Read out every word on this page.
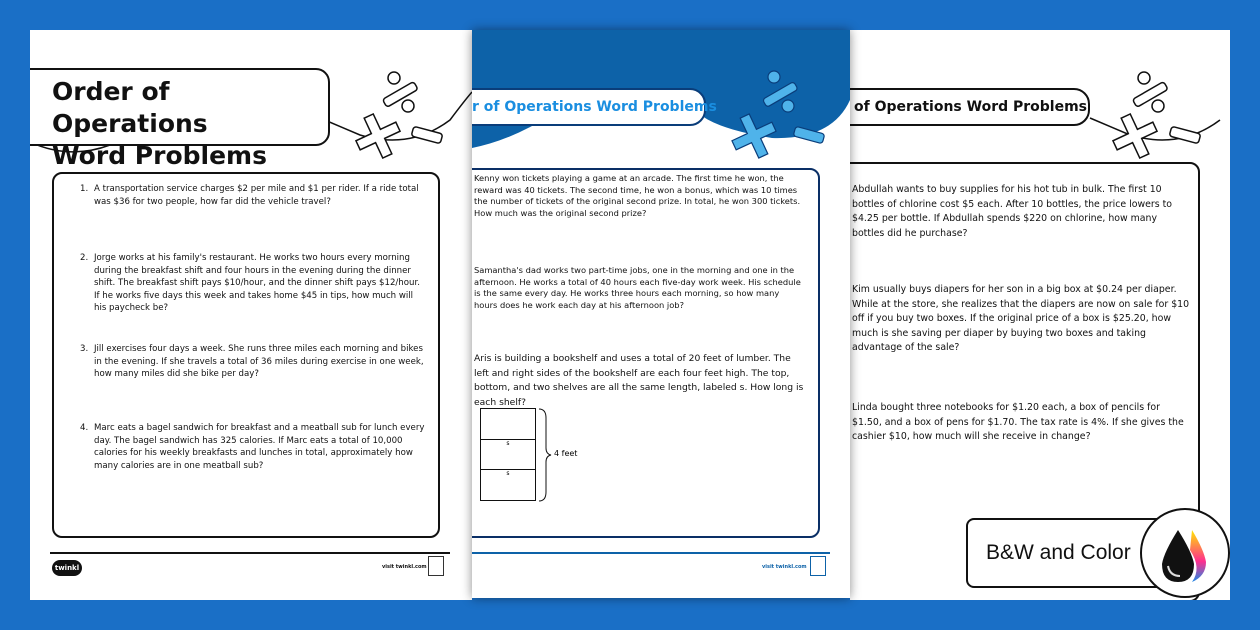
Order of Operations
Word Problems
1. A transportation service charges $2 per mile and $1 per rider. If a ride total was $36 for two people, how far did the vehicle travel?
2. Jorge works at his family's restaurant. He works two hours every morning during the breakfast shift and four hours in the evening during the dinner shift. The breakfast shift pays $10/hour, and the dinner shift pays $12/hour. If he works five days this week and takes home $45 in tips, how much will his paycheck be?
3. Jill exercises four days a week. She runs three miles each morning and bikes in the evening. If she travels a total of 36 miles during exercise in one week, how many miles did she bike per day?
4. Marc eats a bagel sandwich for breakfast and a meatball sub for lunch every day. The bagel sandwich has 325 calories. If Marc eats a total of 10,000 calories for his weekly breakfasts and lunches in total, approximately how many calories are in one meatball sub?
twinkl	visit twinkl.com
of Operations Word Problems
Abdullah wants to buy supplies for his hot tub in bulk. The first 10 bottles of chlorine cost $5 each. After 10 bottles, the price lowers to $4.25 per bottle. If Abdullah spends $220 on chlorine, how many bottles did he purchase?
Kim usually buys diapers for her son in a big box at $0.24 per diaper. While at the store, she realizes that the diapers are now on sale for $10 off if you buy two boxes. If the original price of a box is $25.20, how much is she saving per diaper by buying two boxes and taking advantage of the sale?
Linda bought three notebooks for $1.20 each, a box of pencils for $1.50, and a box of pens for $1.70. The tax rate is 4%. If she gives the cashier $10, how much will she receive in change?
r of Operations Word Problems
Kenny won tickets playing a game at an arcade. The first time he won, the reward was 40 tickets. The second time, he won a bonus, which was 10 times the number of tickets of the original second prize. In total, he won 300 tickets. How much was the original second prize?
Samantha's dad works two part-time jobs, one in the morning and one in the afternoon. He works a total of 40 hours each five-day work week. His schedule is the same every day. He works three hours each morning, so how many hours does he work each day at his afternoon job?
Aris is building a bookshelf and uses a total of 20 feet of lumber. The left and right sides of the bookshelf are each four feet high. The top, bottom, and two shelves are all the same length, labeled s. How long is each shelf?
s
s
4 feet
visit twinkl.com
B&W and Color
